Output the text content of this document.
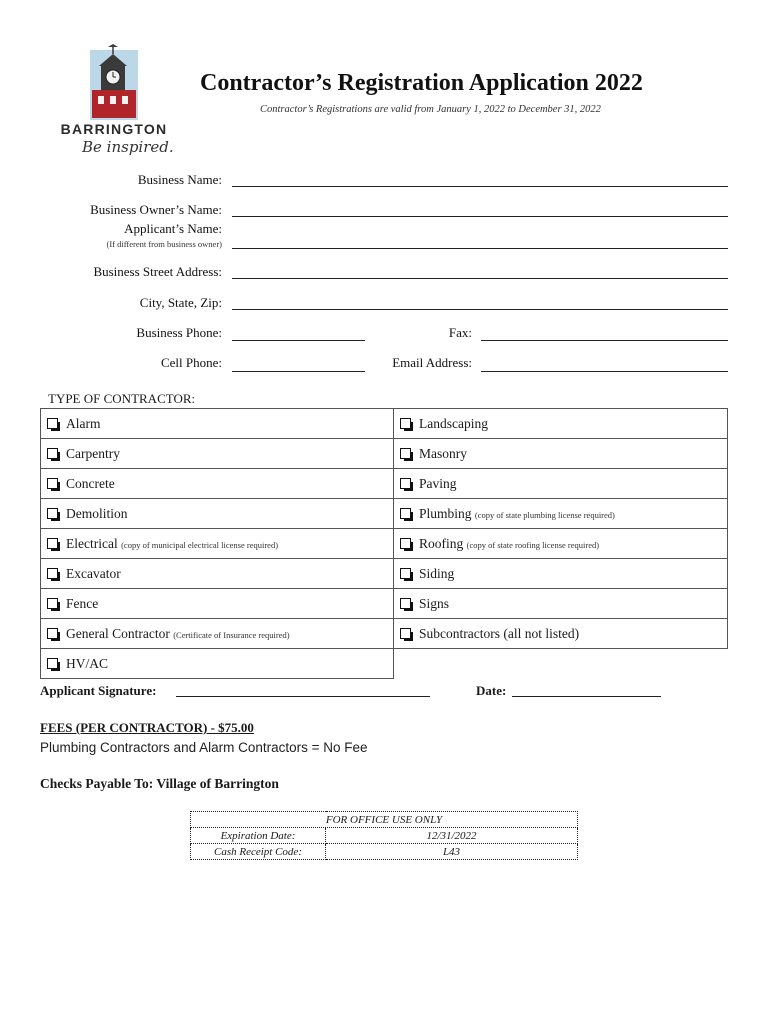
BARRINGTON
Be inspired.
Contractor’s Registration Application 2022
Contractor’s Registrations are valid from January 1, 2022 to December 31, 2022
Business Name:
Business Owner’s Name:
Applicant’s Name:
(If different from business owner)
Business Street Address:
City, State, Zip:
Business Phone:	Fax:
Cell Phone:	Email Address:
TYPE OF CONTRACTOR:
Alarm	Landscaping
Carpentry	Masonry
Concrete	Paving
Demolition	Plumbing (copy of state plumbing license required)
Electrical (copy of municipal electrical license required)	Roofing (copy of state roofing license required)
Excavator	Siding
Fence	Signs
General Contractor (Certificate of Insurance required)	Subcontractors (all not listed)
HV/AC	
Applicant Signature:	Date:
FEES (PER CONTRACTOR) - $75.00
Plumbing Contractors and Alarm Contractors = No Fee
Checks Payable To: Village of Barrington
FOR OFFICE USE ONLY	
Expiration Date:	12/31/2022
Cash Receipt Code:	L43
